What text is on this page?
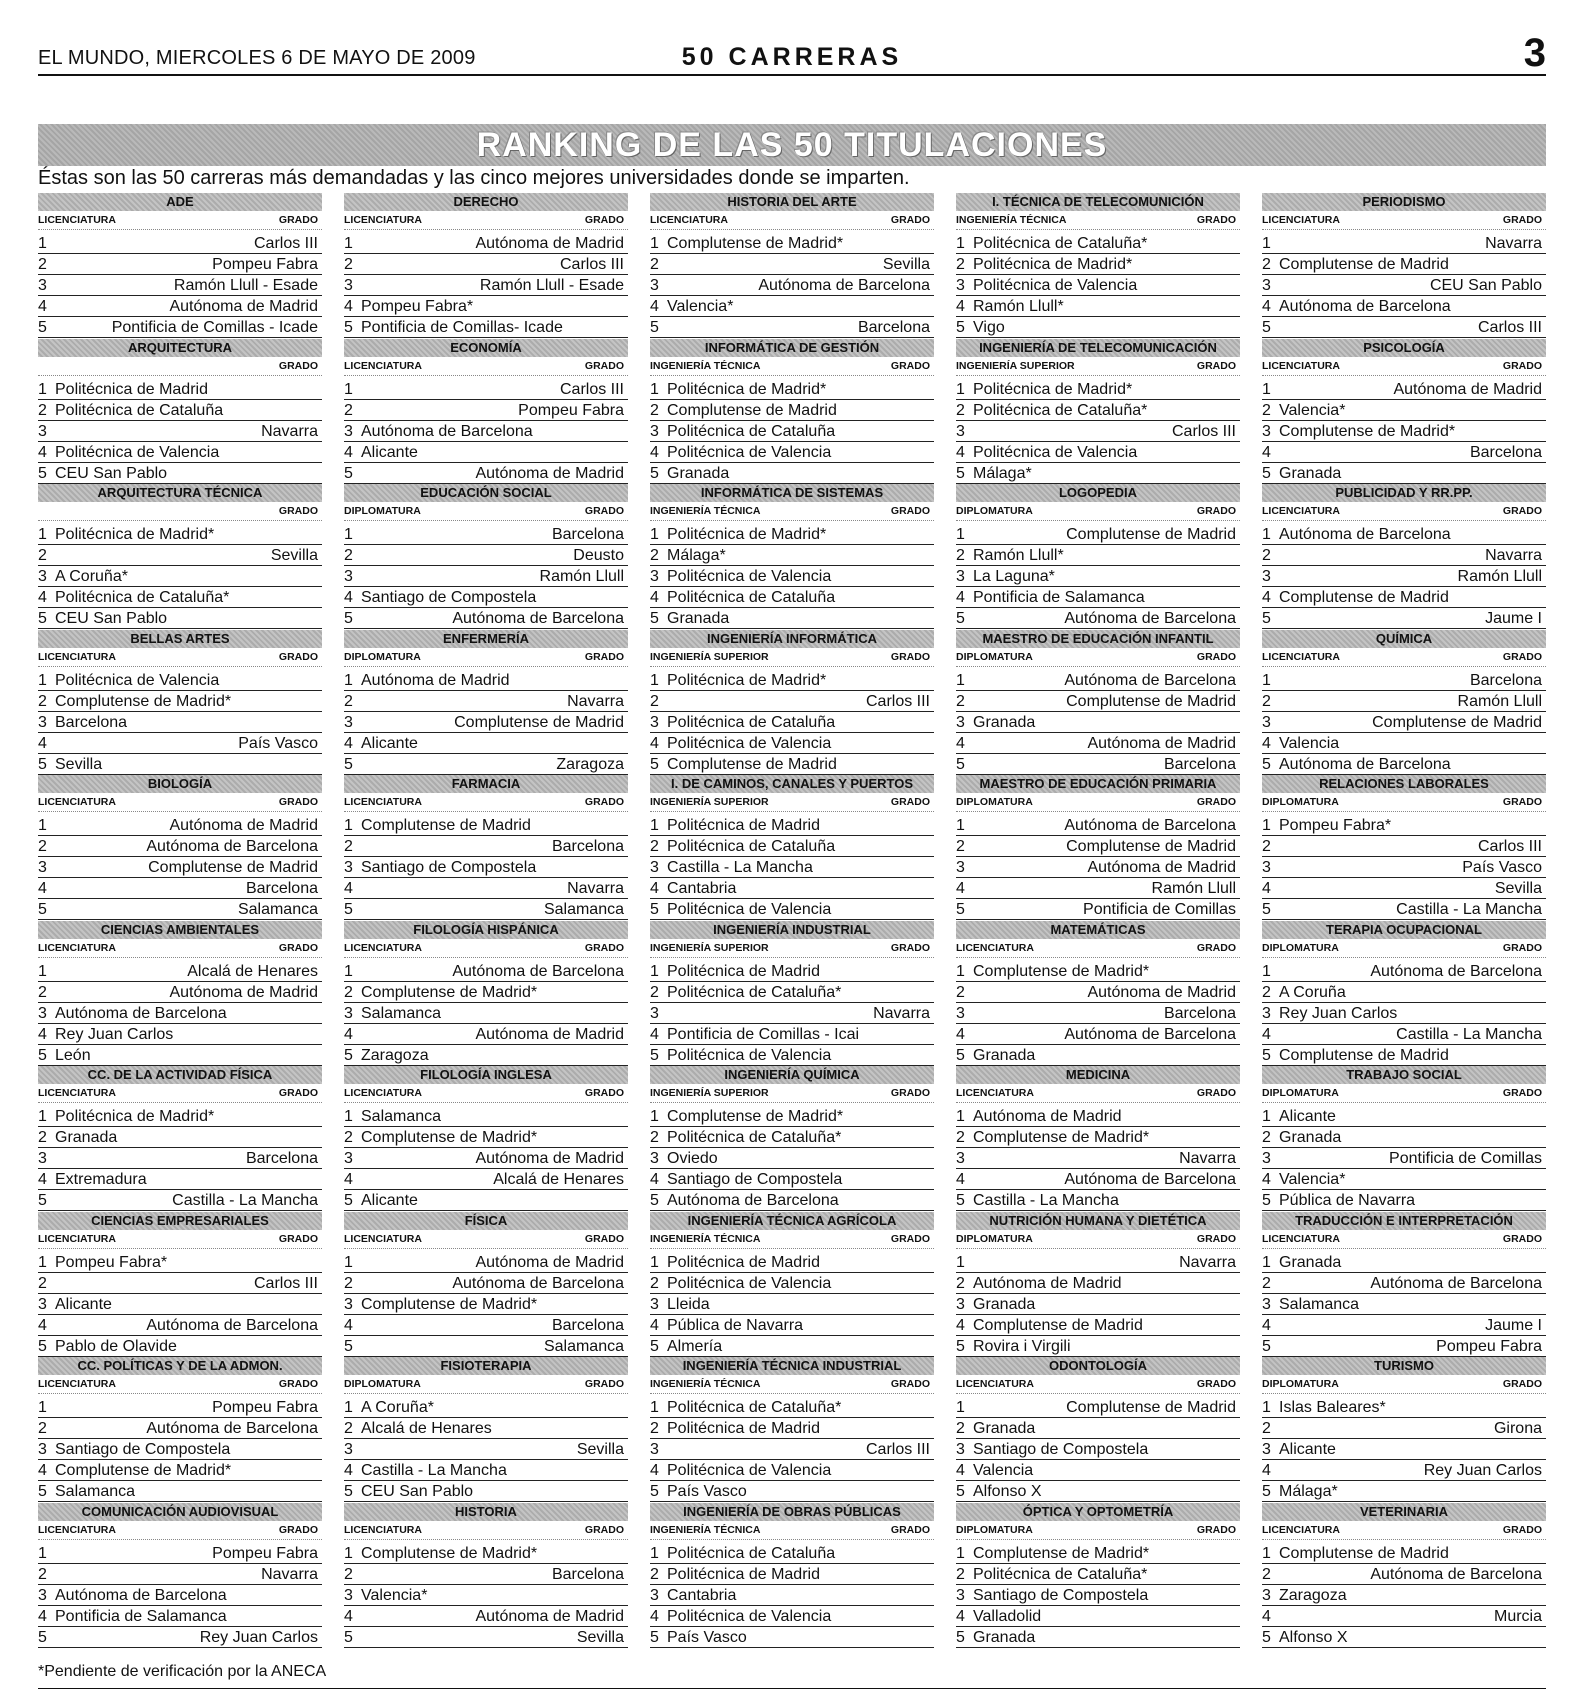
EL MUNDO, MIERCOLES 6 DE MAYO DE 2009	50 CARRERAS	3
RANKING DE LAS 50 TITULACIONES
Éstas son las 50 carreras más demandadas y las cinco mejores universidades donde se imparten.
ADE
LICENCIATURA	GRADO
1	Carlos III
2	Pompeu Fabra
3	Ramón Llull - Esade
4	Autónoma de Madrid
5	Pontificia de Comillas - Icade
ARQUITECTURA
GRADO
1 Politécnica de Madrid
2 Politécnica de Cataluña
3	Navarra
4 Politécnica de Valencia
5 CEU San Pablo
ARQUITECTURA TÉCNICA
GRADO
1 Politécnica de Madrid*
2	Sevilla
3 A Coruña*
4 Politécnica de Cataluña*
5 CEU San Pablo
BELLAS ARTES
LICENCIATURA	GRADO
1 Politécnica de Valencia
2 Complutense de Madrid*
3 Barcelona
4	País Vasco
5 Sevilla
BIOLOGÍA
LICENCIATURA	GRADO
1	Autónoma de Madrid
2	Autónoma de Barcelona
3	Complutense de Madrid
4	Barcelona
5	Salamanca
CIENCIAS AMBIENTALES
LICENCIATURA	GRADO
1	Alcalá de Henares
2	Autónoma de Madrid
3 Autónoma de Barcelona
4 Rey Juan Carlos
5 León
CC. DE LA ACTIVIDAD FÍSICA
LICENCIATURA	GRADO
1 Politécnica de Madrid*
2 Granada
3	Barcelona
4 Extremadura
5	Castilla - La Mancha
CIENCIAS EMPRESARIALES
LICENCIATURA	GRADO
1 Pompeu Fabra*
2	Carlos III
3 Alicante
4	Autónoma de Barcelona
5 Pablo de Olavide
CC. POLÍTICAS Y DE LA ADMON.
LICENCIATURA	GRADO
1	Pompeu Fabra
2	Autónoma de Barcelona
3 Santiago de Compostela
4 Complutense de Madrid*
5 Salamanca
COMUNICACIÓN AUDIOVISUAL
LICENCIATURA	GRADO
1	Pompeu Fabra
2	Navarra
3 Autónoma de Barcelona
4 Pontificia de Salamanca
5	Rey Juan Carlos
DERECHO
LICENCIATURA	GRADO
1	Autónoma de Madrid
2	Carlos III
3	Ramón Llull - Esade
4 Pompeu Fabra*
5 Pontificia de Comillas- Icade
ECONOMÍA
LICENCIATURA	GRADO
1	Carlos III
2	Pompeu Fabra
3 Autónoma de Barcelona
4 Alicante
5	Autónoma de Madrid
EDUCACIÓN SOCIAL
DIPLOMATURA	GRADO
1	Barcelona
2	Deusto
3	Ramón Llull
4 Santiago de Compostela
5	Autónoma de Barcelona
ENFERMERÍA
DIPLOMATURA	GRADO
1 Autónoma de Madrid
2	Navarra
3	Complutense de Madrid
4 Alicante
5	Zaragoza
FARMACIA
LICENCIATURA	GRADO
1 Complutense de Madrid
2	Barcelona
3 Santiago de Compostela
4	Navarra
5	Salamanca
FILOLOGÍA HISPÁNICA
LICENCIATURA	GRADO
1	Autónoma de Barcelona
2 Complutense de Madrid*
3 Salamanca
4	Autónoma de Madrid
5 Zaragoza
FILOLOGÍA INGLESA
LICENCIATURA	GRADO
1 Salamanca
2 Complutense de Madrid*
3	Autónoma de Madrid
4	Alcalá de Henares
5 Alicante
FÍSICA
LICENCIATURA	GRADO
1	Autónoma de Madrid
2	Autónoma de Barcelona
3 Complutense de Madrid*
4	Barcelona
5	Salamanca
FISIOTERAPIA
DIPLOMATURA	GRADO
1 A Coruña*
2 Alcalá de Henares
3	Sevilla
4 Castilla - La Mancha
5 CEU San Pablo
HISTORIA
LICENCIATURA	GRADO
1 Complutense de Madrid*
2	Barcelona
3 Valencia*
4	Autónoma de Madrid
5	Sevilla
HISTORIA DEL ARTE
LICENCIATURA	GRADO
1 Complutense de Madrid*
2	Sevilla
3	Autónoma de Barcelona
4 Valencia*
5	Barcelona
INFORMÁTICA DE GESTIÓN
INGENIERÍA TÉCNICA	GRADO
1 Politécnica de Madrid*
2 Complutense de Madrid
3 Politécnica de Cataluña
4 Politécnica de Valencia
5 Granada
INFORMÁTICA DE SISTEMAS
INGENIERÍA TÉCNICA	GRADO
1 Politécnica de Madrid*
2 Málaga*
3 Politécnica de Valencia
4 Politécnica de Cataluña
5 Granada
INGENIERÍA INFORMÁTICA
INGENIERÍA SUPERIOR	GRADO
1 Politécnica de Madrid*
2	Carlos III
3 Politécnica de Cataluña
4 Politécnica de Valencia
5 Complutense de Madrid
I. DE CAMINOS, CANALES Y PUERTOS
INGENIERÍA SUPERIOR	GRADO
1 Politécnica de Madrid
2 Politécnica de Cataluña
3 Castilla - La Mancha
4 Cantabria
5 Politécnica de Valencia
INGENIERÍA INDUSTRIAL
INGENIERÍA SUPERIOR	GRADO
1 Politécnica de Madrid
2 Politécnica de Cataluña*
3	Navarra
4 Pontificia de Comillas - Icai
5 Politécnica de Valencia
INGENIERÍA QUÍMICA
INGENIERÍA SUPERIOR	GRADO
1 Complutense de Madrid*
2 Politécnica de Cataluña*
3 Oviedo
4 Santiago de Compostela
5 Autónoma de Barcelona
INGENIERÍA TÉCNICA AGRÍCOLA
INGENIERÍA TÉCNICA	GRADO
1 Politécnica de Madrid
2 Politécnica de Valencia
3 Lleida
4 Pública de Navarra
5 Almería
INGENIERÍA TÉCNICA INDUSTRIAL
INGENIERÍA TÉCNICA	GRADO
1 Politécnica de Cataluña*
2 Politécnica de Madrid
3	Carlos III
4 Politécnica de Valencia
5 País Vasco
INGENIERÍA DE OBRAS PÚBLICAS
INGENIERÍA TÉCNICA	GRADO
1 Politécnica de Cataluña
2 Politécnica de Madrid
3 Cantabria
4 Politécnica de Valencia
5 País Vasco
I. TÉCNICA DE TELECOMUNICIÓN
INGENIERÍA TÉCNICA	GRADO
1 Politécnica de Cataluña*
2 Politécnica de Madrid*
3 Politécnica de Valencia
4 Ramón Llull*
5 Vigo
INGENIERÍA DE TELECOMUNICACIÓN
INGENIERÍA SUPERIOR	GRADO
1 Politécnica de Madrid*
2 Politécnica de Cataluña*
3	Carlos III
4 Politécnica de Valencia
5 Málaga*
LOGOPEDIA
DIPLOMATURA	GRADO
1	Complutense de Madrid
2 Ramón Llull*
3 La Laguna*
4 Pontificia de Salamanca
5	Autónoma de Barcelona
MAESTRO DE EDUCACIÓN INFANTIL
DIPLOMATURA	GRADO
1	Autónoma de Barcelona
2	Complutense de Madrid
3 Granada
4	Autónoma de Madrid
5	Barcelona
MAESTRO DE EDUCACIÓN PRIMARIA
DIPLOMATURA	GRADO
1	Autónoma de Barcelona
2	Complutense de Madrid
3	Autónoma de Madrid
4	Ramón Llull
5	Pontificia de Comillas
MATEMÁTICAS
LICENCIATURA	GRADO
1 Complutense de Madrid*
2	Autónoma de Madrid
3	Barcelona
4	Autónoma de Barcelona
5 Granada
MEDICINA
LICENCIATURA	GRADO
1 Autónoma de Madrid
2 Complutense de Madrid*
3	Navarra
4	Autónoma de Barcelona
5 Castilla - La Mancha
NUTRICIÓN HUMANA Y DIETÉTICA
DIPLOMATURA	GRADO
1	Navarra
2 Autónoma de Madrid
3 Granada
4 Complutense de Madrid
5 Rovira i Virgili
ODONTOLOGÍA
LICENCIATURA	GRADO
1	Complutense de Madrid
2 Granada
3 Santiago de Compostela
4 Valencia
5 Alfonso X
ÓPTICA Y OPTOMETRÍA
DIPLOMATURA	GRADO
1 Complutense de Madrid*
2 Politécnica de Cataluña*
3 Santiago de Compostela
4 Valladolid
5 Granada
PERIODISMO
LICENCIATURA	GRADO
1	Navarra
2 Complutense de Madrid
3	CEU San Pablo
4 Autónoma de Barcelona
5	Carlos III
PSICOLOGÍA
LICENCIATURA	GRADO
1	Autónoma de Madrid
2 Valencia*
3 Complutense de Madrid*
4	Barcelona
5 Granada
PUBLICIDAD Y RR.PP.
LICENCIATURA	GRADO
1 Autónoma de Barcelona
2	Navarra
3	Ramón Llull
4 Complutense de Madrid
5	Jaume I
QUÍMICA
LICENCIATURA	GRADO
1	Barcelona
2	Ramón Llull
3	Complutense de Madrid
4 Valencia
5 Autónoma de Barcelona
RELACIONES LABORALES
DIPLOMATURA	GRADO
1 Pompeu Fabra*
2	Carlos III
3	País Vasco
4	Sevilla
5	Castilla - La Mancha
TERAPIA OCUPACIONAL
DIPLOMATURA	GRADO
1	Autónoma de Barcelona
2 A Coruña
3 Rey Juan Carlos
4	Castilla - La Mancha
5 Complutense de Madrid
TRABAJO SOCIAL
DIPLOMATURA	GRADO
1 Alicante
2 Granada
3	Pontificia de Comillas
4 Valencia*
5 Pública de Navarra
TRADUCCIÓN E INTERPRETACIÓN
LICENCIATURA	GRADO
1 Granada
2	Autónoma de Barcelona
3 Salamanca
4	Jaume I
5	Pompeu Fabra
TURISMO
DIPLOMATURA	GRADO
1 Islas Baleares*
2	Girona
3 Alicante
4	Rey Juan Carlos
5 Málaga*
VETERINARIA
LICENCIATURA	GRADO
1 Complutense de Madrid
2	Autónoma de Barcelona
3 Zaragoza
4	Murcia
5 Alfonso X
*Pendiente de verificación por la ANECA
